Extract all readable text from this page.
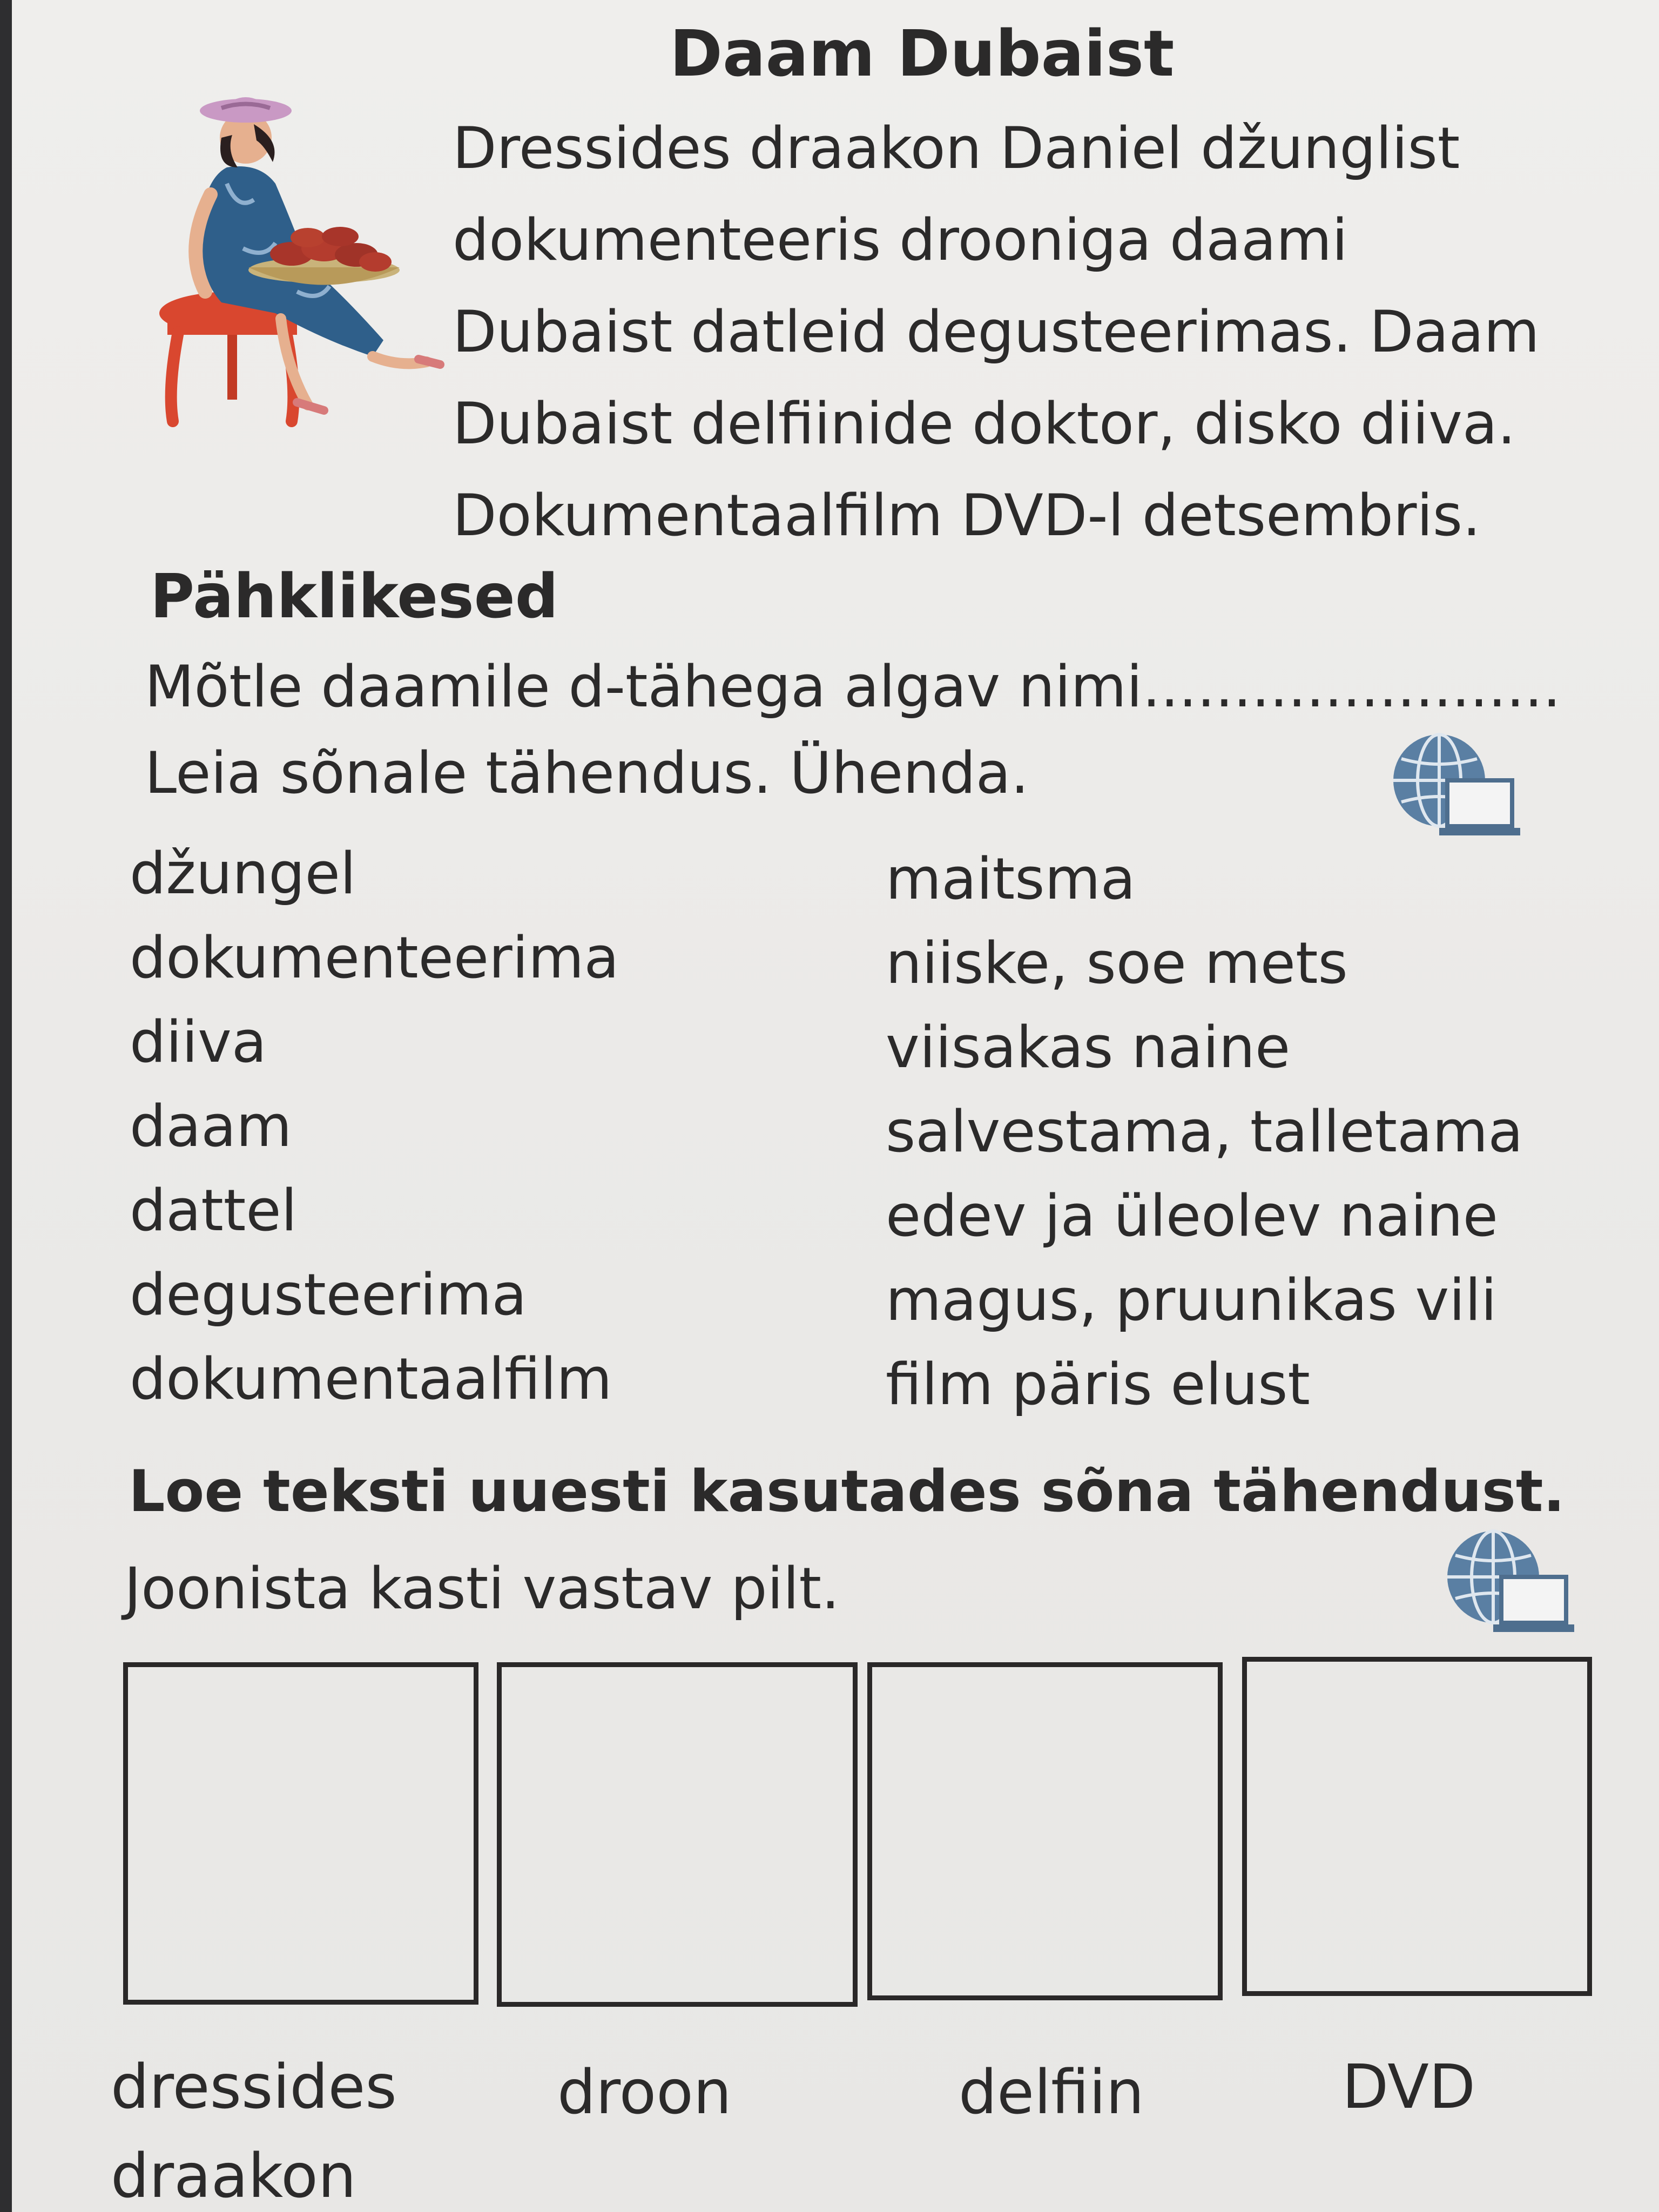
Daam Dubaist
Dressides draakon Daniel džunglist
dokumenteeris drooniga daami
Dubaist datleid degusteerimas. Daam
Dubaist delfiinide doktor, disko diiva.
Dokumentaalfilm DVD-l detsembris.
Pähklikesed
Mõtle daamile d-tähega algav nimi.......................
Leia sõnale tähendus. Ühenda.
džungel
dokumenteerima
diiva
daam
dattel
degusteerima
dokumentaalfilm
maitsma
niiske, soe mets
viisakas naine
salvestama, talletama
edev ja üleolev naine
magus, pruunikas vili
film päris elust
Loe teksti uuesti kasutades sõna tähendust.
Joonista kasti vastav pilt.
dressides
draakon
droon	delfiin	DVD
